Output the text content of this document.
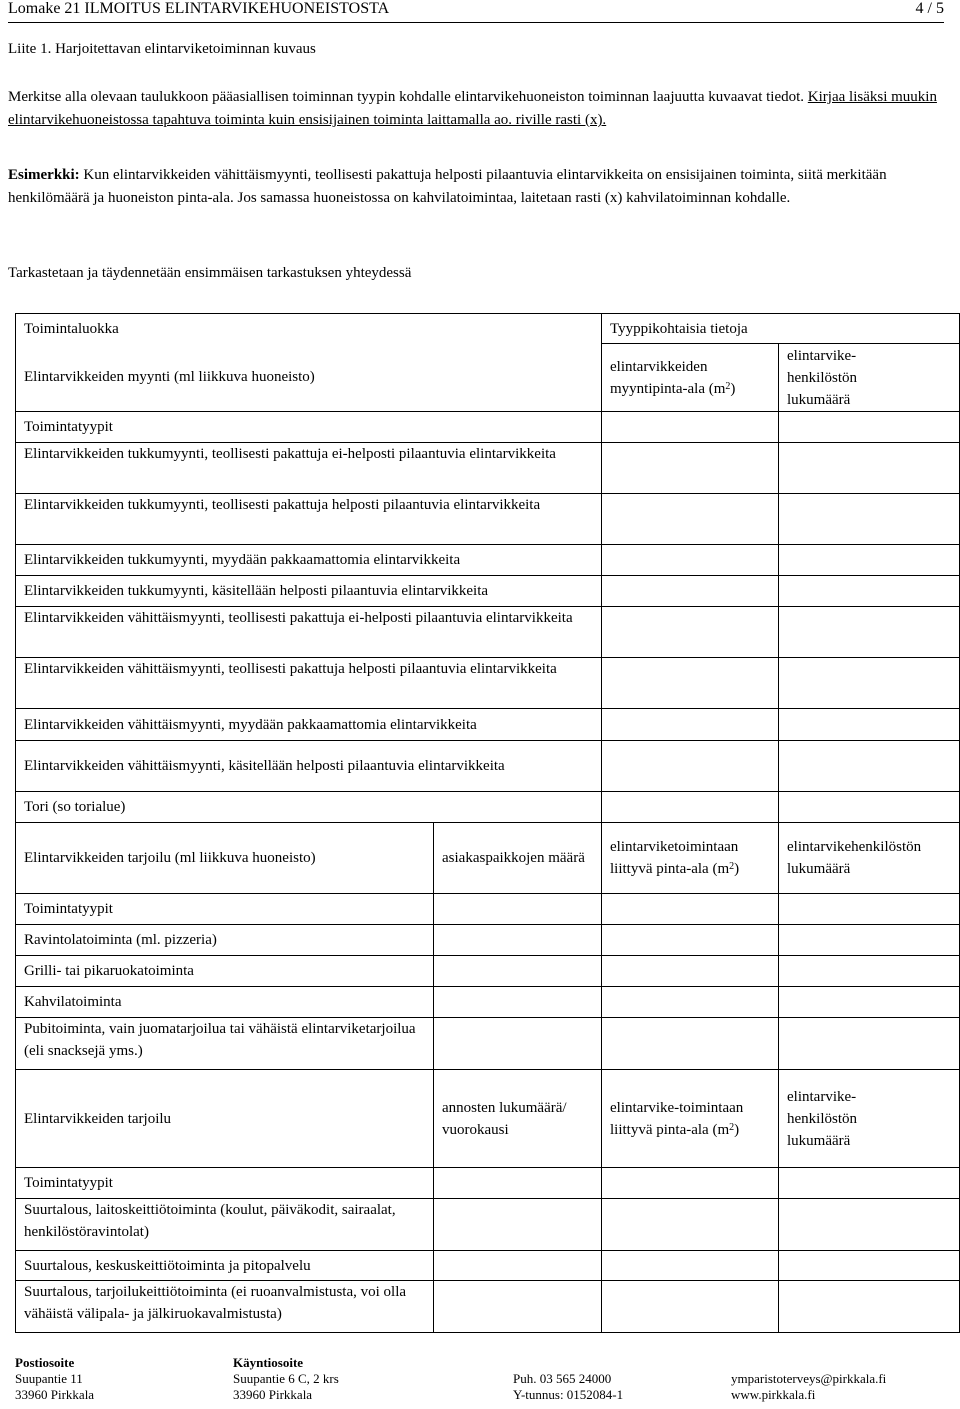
Lomake 21 ILMOITUS ELINTARVIKEHUONEISTOSTA	4 / 5
Liite 1. Harjoitettavan elintarviketoiminnan kuvaus
Merkitse alla olevaan taulukkoon pääasiallisen toiminnan tyypin kohdalle elintarvikehuoneiston toiminnan laajuutta kuvaavat tiedot. Kirjaa lisäksi muukin elintarvikehuoneistossa tapahtuva toiminta kuin ensisijainen toiminta laittamalla ao. riville rasti (x).
Esimerkki: Kun elintarvikkeiden vähittäismyynti, teollisesti pakattuja helposti pilaantuvia elintarvikkeita on ensisijainen toiminta, siitä merkitään henkilömäärä ja huoneiston pinta-ala. Jos samassa huoneistossa on kahvilatoimintaa, laitetaan rasti (x) kahvilatoiminnan kohdalle.
Tarkastetaan ja täydennetään ensimmäisen tarkastuksen yhteydessä
Toimintaluokka		Tyyppikohtaisia tietoja	
Elintarvikkeiden myynti (ml liikkuva huoneisto)		elintarvikkeiden myyntipinta-ala $(m^2)$	elintarvike-
henkilöstön
lukumäärä
Toimintatyypit			
Elintarvikkeiden tukkumyynti, teollisesti pakattuja ei-helposti pilaantuvia elintarvikkeita			
Elintarvikkeiden tukkumyynti, teollisesti pakattuja helposti pilaantuvia elintarvikkeita			
Elintarvikkeiden tukkumyynti, myydään pakkaamattomia elintarvikkeita			
Elintarvikkeiden tukkumyynti, käsitellään helposti pilaantuvia elintarvikkeita			
Elintarvikkeiden vähittäismyynti, teollisesti pakattuja ei-helposti pilaantuvia elintarvikkeita			
Elintarvikkeiden vähittäismyynti, teollisesti pakattuja helposti pilaantuvia elintarvikkeita			
Elintarvikkeiden vähittäismyynti, myydään pakkaamattomia elintarvikkeita			
Elintarvikkeiden vähittäismyynti, käsitellään helposti pilaantuvia elintarvikkeita			
Tori (so torialue)			
Elintarvikkeiden tarjoilu (ml liikkuva huoneisto)	asiakaspaikkojen määrä	elintarviketoimintaan liittyvä pinta-ala $(m^2)$	elintarvikehenkilöstön lukumäärä
Toimintatyypit			
Ravintolatoiminta (ml. pizzeria)			
Grilli- tai pikaruokatoiminta			
Kahvilatoiminta			
Pubitoiminta, vain juomatarjoilua tai vähäistä elintarviketarjoilua (eli snacksejä yms.)			
Elintarvikkeiden tarjoilu	annosten lukumäärä/ vuorokausi	elintarvike-toimintaan liittyvä pinta-ala $(m^2)$	elintarvike-
henkilöstön
lukumäärä
Toimintatyypit			
Suurtalous, laitoskeittiötoiminta (koulut, päiväkodit, sairaalat, henkilöstöravintolat)			
Suurtalous, keskuskeittiötoiminta ja pitopalvelu			
Suurtalous, tarjoilukeittiötoiminta (ei ruoanvalmistusta, voi olla vähäistä välipala- ja jälkiruokavalmistusta)			
Postiosoite
Suupantie 11
33960 Pirkkala
Käyntiosoite
Suupantie 6 C, 2 krs
33960 Pirkkala
Puh. 03 565 24000
Y-tunnus: 0152084-1
ymparistoterveys@pirkkala.fi
www.pirkkala.fi
